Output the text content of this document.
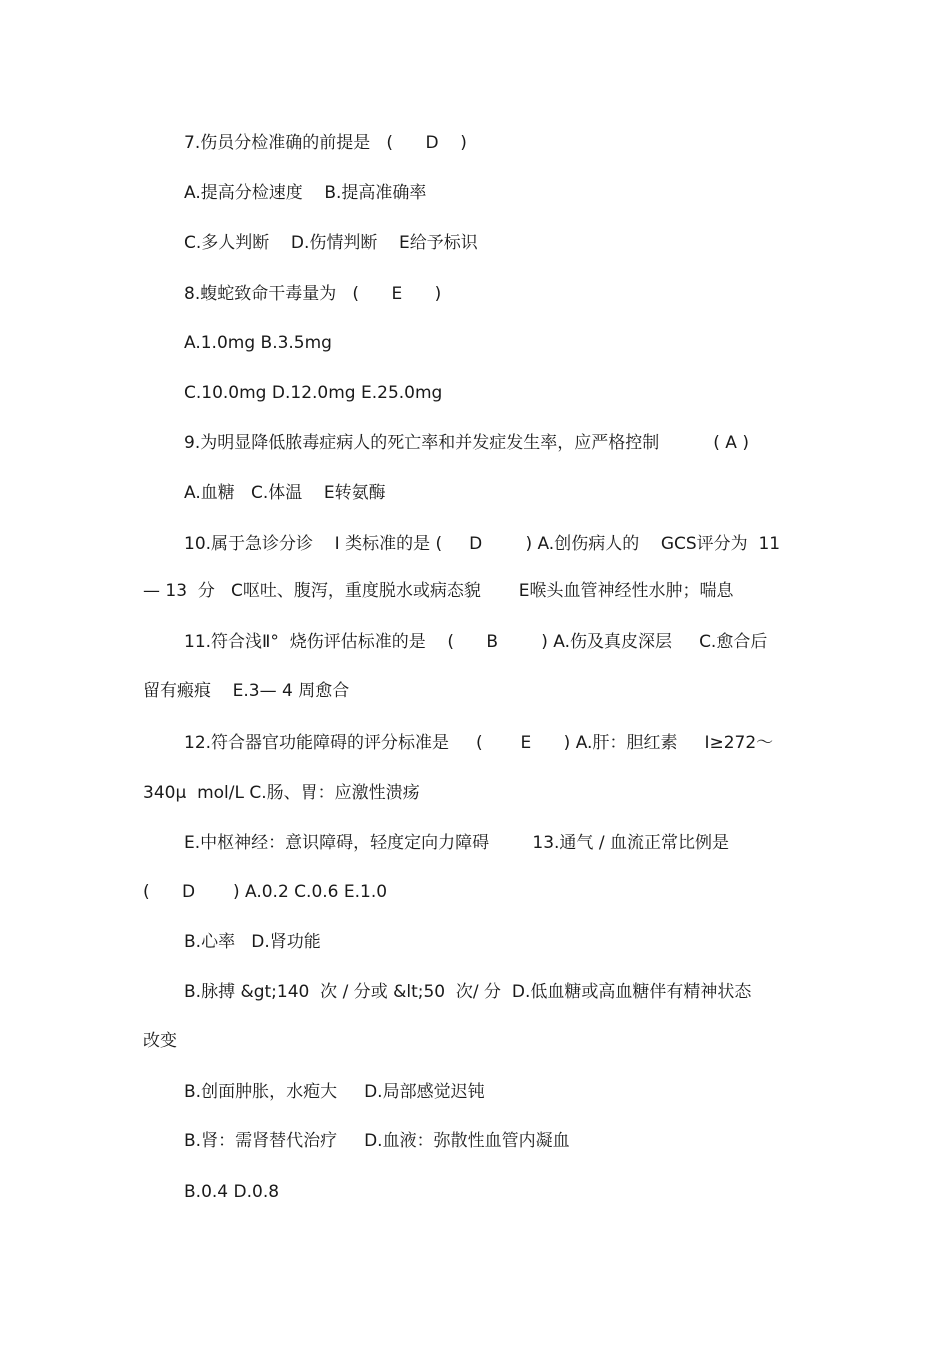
7.伤员分检准确的前提是   (      D    )
A.提高分检速度    B.提高准确率
C.多人判断    D.伤情判断    E给予标识
8.蝮蛇致命干毒量为   (      E      )
A.1.0mg B.3.5mg
C.10.0mg D.12.0mg E.25.0mg
9.为明显降低脓毒症病人的死亡率和并发症发生率，应严格控制          ( A )
A.血糖   C.体温    E转氨酶
10.属于急诊分诊    I 类标准的是 (     D        ) A.创伤病人的    GCS评分为  11
— 13  分   C呕吐、腹泻，重度脱水或病态貌       E喉头血管神经性水肿；喘息
11.符合浅Ⅱ°  烧伤评估标准的是    (      B        ) A.伤及真皮深层     C.愈合后
留有瘢痕    E.3— 4 周愈合
12.符合器官功能障碍的评分标准是     (       E      ) A.肝：胆红素     I≥272～
340μ  mol/L C.肠、胃：应激性溃疡
E.中枢神经：意识障碍，轻度定向力障碍        13.通气 / 血流正常比例是
(      D       ) A.0.2 C.0.6 E.1.0
B.心率   D.肾功能
B.脉搏 &gt;140  次 / 分或 &lt;50  次/ 分  D.低血糖或高血糖伴有精神状态
改变
B.创面肿胀，水疱大     D.局部感觉迟钝
B.肾：需肾替代治疗     D.血液：弥散性血管内凝血
B.0.4 D.0.8
